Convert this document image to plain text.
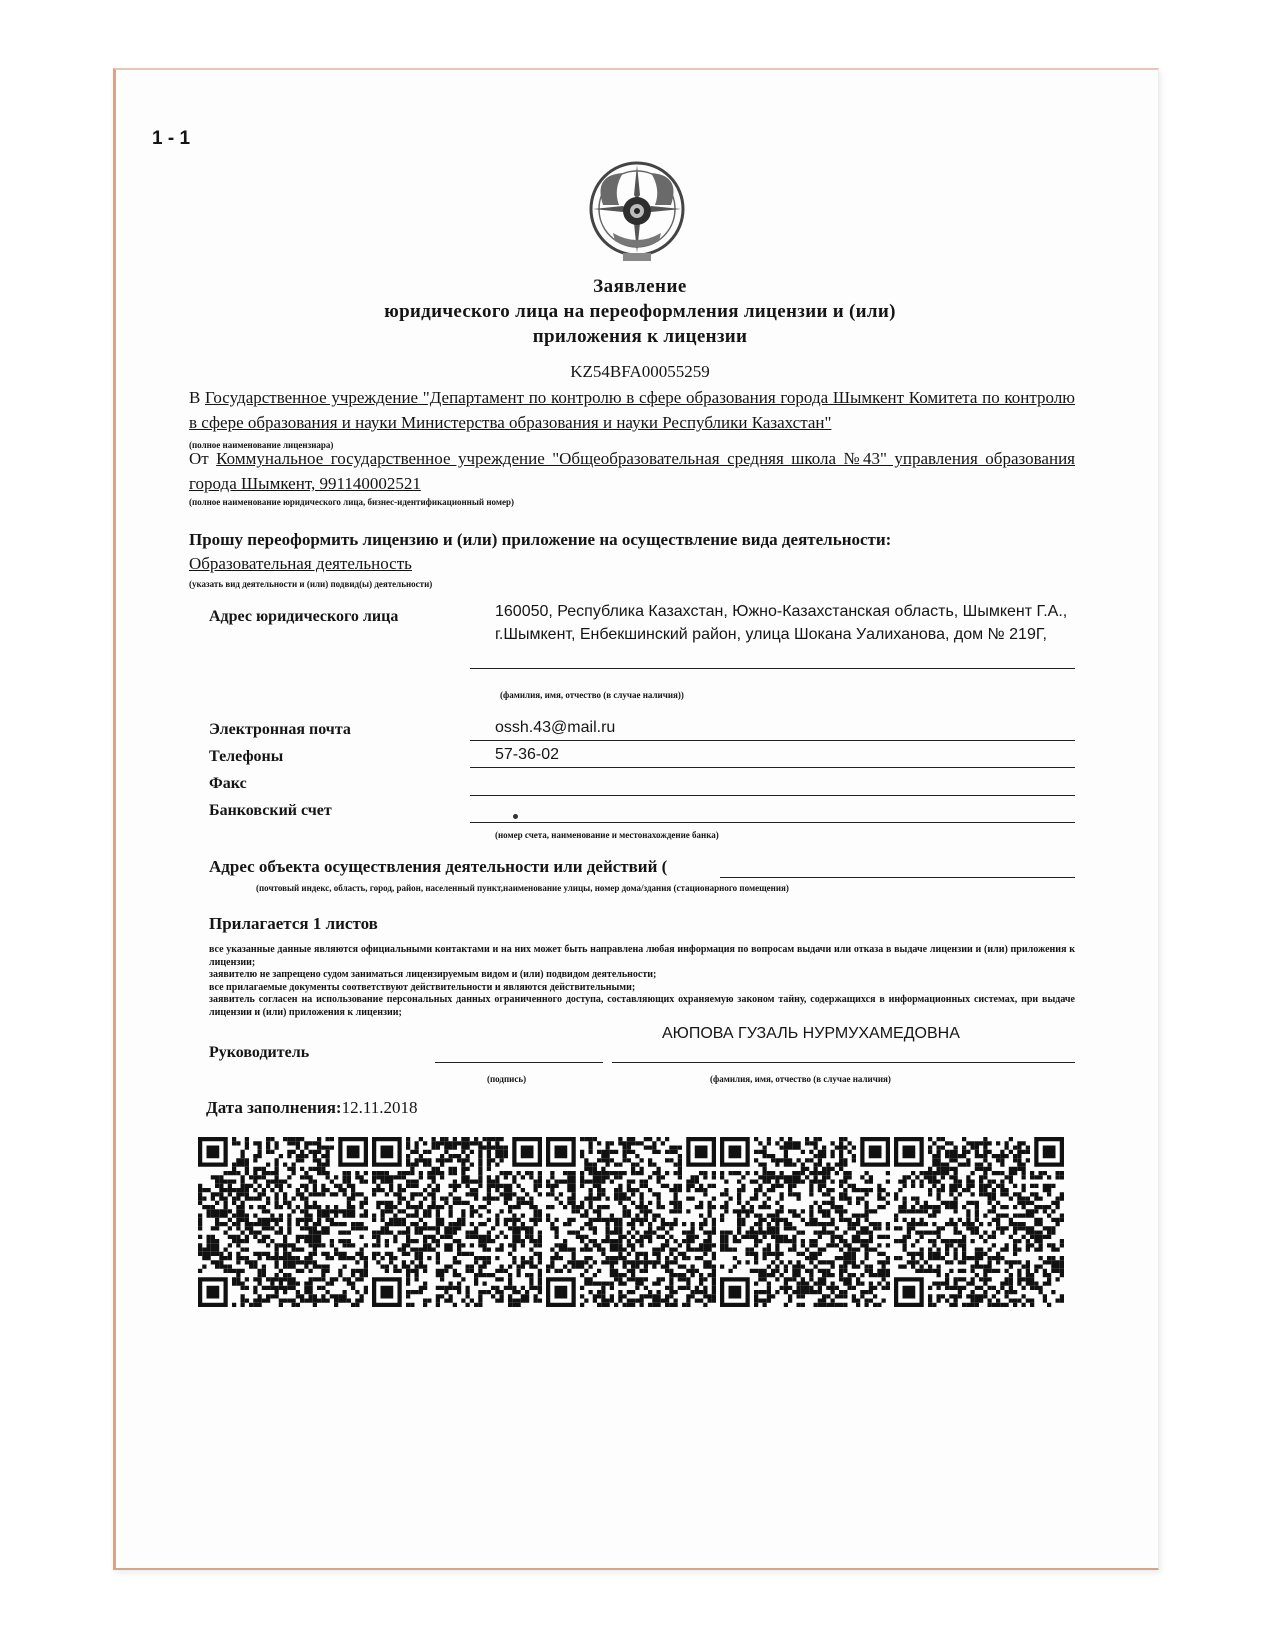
1 - 1
Заявление
юридического лица на переоформления лицензии и (или)
приложения к лицензии
KZ54BFA00055259
В Государственное учреждение "Департамент по контролю в сфере образования города Шымкент Комитета по контролю в сфере образования и науки Министерства образования и науки Республики Казахстан"
(полное наименование лицензиара)
От Коммунальное государственное учреждение "Общеобразовательная средняя школа №43" управления образования города Шымкент, 991140002521
(полное наименование юридического лица, бизнес-идентификационный номер)
Прошу переоформить лицензию и (или) приложение на осуществление вида деятельности:
Образовательная деятельность
(указать вид деятельности и (или) подвид(ы) деятельности)
Адрес юридического лица	160050, Республика Казахстан, Южно-Казахстанская область, Шымкент Г.А., г.Шымкент, Енбекшинский район, улица Шокана Уалиханова, дом № 219Г,
(фамилия, имя, отчество (в случае наличия))
Электронная почта	ossh.43@mail.ru
Телефоны	57-36-02
Факс
Банковский счет
(номер счета, наименование и местонахождение банка)
Адрес объекта осуществления деятельности или действий (
(почтовый индекс, область, город, район, населенный пункт,наименование улицы, номер дома/здания (стационарного помещения)
Прилагается 1 листов
все указанные данные являются официальными контактами и на них может быть направлена любая информация по вопросам выдачи или отказа в выдаче лицензии и (или) приложения к лицензии;
заявителю не запрещено судом заниматься лицензируемым видом и (или) подвидом деятельности;
все прилагаемые документы соответствуют действительности и являются действительными;
заявитель согласен на использование персональных данных ограниченного доступа, составляющих охраняемую законом тайну, содержащихся в информационных системах, при выдаче лицензии и (или) приложения к лицензии;
Руководитель
АЮПОВА ГУЗАЛЬ НУРМУХАМЕДОВНА
(подпись)	(фамилия, имя, отчество (в случае наличия)
Дата заполнения:12.11.2018
